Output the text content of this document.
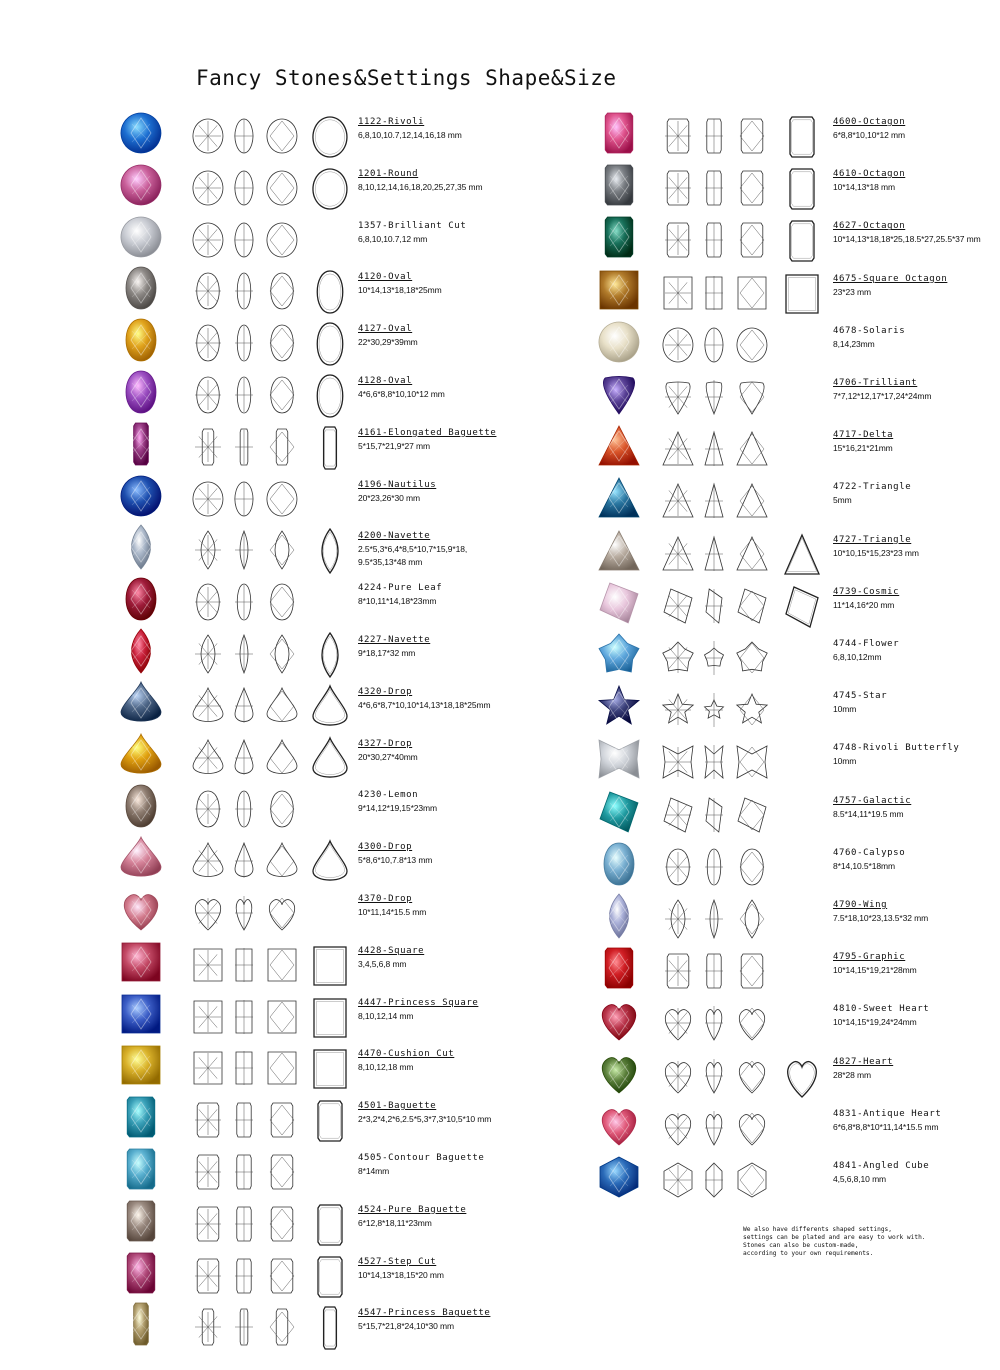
Fancy Stones&Settings Shape&Size
1122-Rivoli
6,8,10,10.7,12,14,16,18 mm
1201-Round
8,10,12,14,16,18,20,25,27,35 mm
1357-Brilliant Cut
6,8,10,10.7,12 mm
4120-Oval
10*14,13*18,18*25mm
4127-Oval
22*30,29*39mm
4128-Oval
4*6,6*8,8*10,10*12 mm
4161-Elongated Baguette
5*15,7*21,9*27 mm
4196-Nautilus
20*23,26*30 mm
4200-Navette
2.5*5,3*6,4*8,5*10,7*15,9*18,
9.5*35,13*48 mm
4224-Pure Leaf
8*10,11*14,18*23mm
4227-Navette
9*18,17*32 mm
4320-Drop
4*6,6*8,7*10,10*14,13*18,18*25mm
4327-Drop
20*30,27*40mm
4230-Lemon
9*14,12*19,15*23mm
4300-Drop
5*8,6*10,7.8*13 mm
4370-Drop
10*11,14*15.5 mm
4428-Square
3,4,5,6,8 mm
4447-Princess Square
8,10,12,14 mm
4470-Cushion Cut
8,10,12,18 mm
4501-Baguette
2*3,2*4,2*6,2.5*5,3*7,3*10,5*10 mm
4505-Contour Baguette
8*14mm
4524-Pure Baguette
6*12,8*18,11*23mm
4527-Step Cut
10*14,13*18,15*20 mm
4547-Princess Baguette
5*15,7*21,8*24,10*30 mm
4600-Octagon
6*8,8*10,10*12 mm
4610-Octagon
10*14,13*18 mm
4627-Octagon
10*14,13*18,18*25,18.5*27,25.5*37 mm
4675-Square Octagon
23*23 mm
4678-Solaris
8,14,23mm
4706-Trilliant
7*7,12*12,17*17,24*24mm
4717-Delta
15*16,21*21mm
4722-Triangle
5mm
4727-Triangle
10*10,15*15,23*23 mm
4739-Cosmic
11*14,16*20 mm
4744-Flower
6,8,10,12mm
4745-Star
10mm
4748-Rivoli Butterfly
10mm
4757-Galactic
8.5*14,11*19.5 mm
4760-Calypso
8*14,10.5*18mm
4790-Wing
7.5*18,10*23,13.5*32 mm
4795-Graphic
10*14,15*19,21*28mm
4810-Sweet Heart
10*14,15*19,24*24mm
4827-Heart
28*28 mm
4831-Antique Heart
6*6,8*8,8*10*11,14*15.5 mm
4841-Angled Cube
4,5,6,8,10 mm
We also have differents shaped settings,
settings can be plated and are easy to work with.
Stones can also be custom-made,
according to your own requirements.
